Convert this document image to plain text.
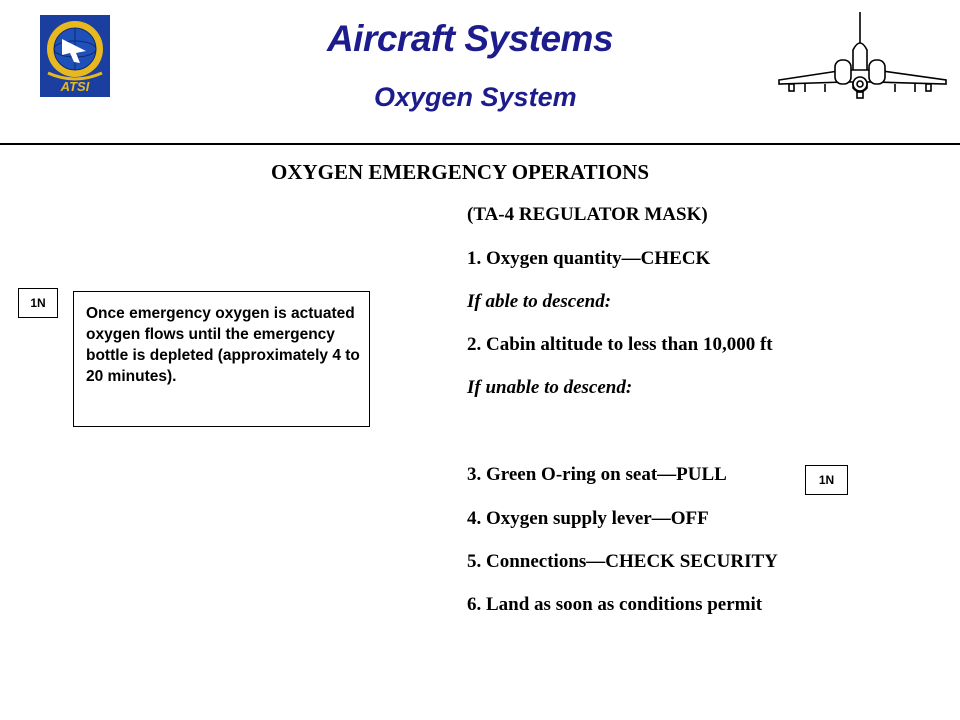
ATSI
Aircraft Systems
Oxygen System
OXYGEN EMERGENCY OPERATIONS
(TA-4 REGULATOR MASK)
1. Oxygen quantity—CHECK
If able to descend:
2. Cabin altitude to less than 10,000 ft
If unable to descend:
3. Green O-ring on seat—PULL
4. Oxygen supply lever—OFF
5. Connections—CHECK SECURITY
6. Land as soon as conditions permit
1N
1N
Once emergency oxygen is actuated oxygen flows until the emergency bottle is depleted (approximately 4 to 20 minutes).
